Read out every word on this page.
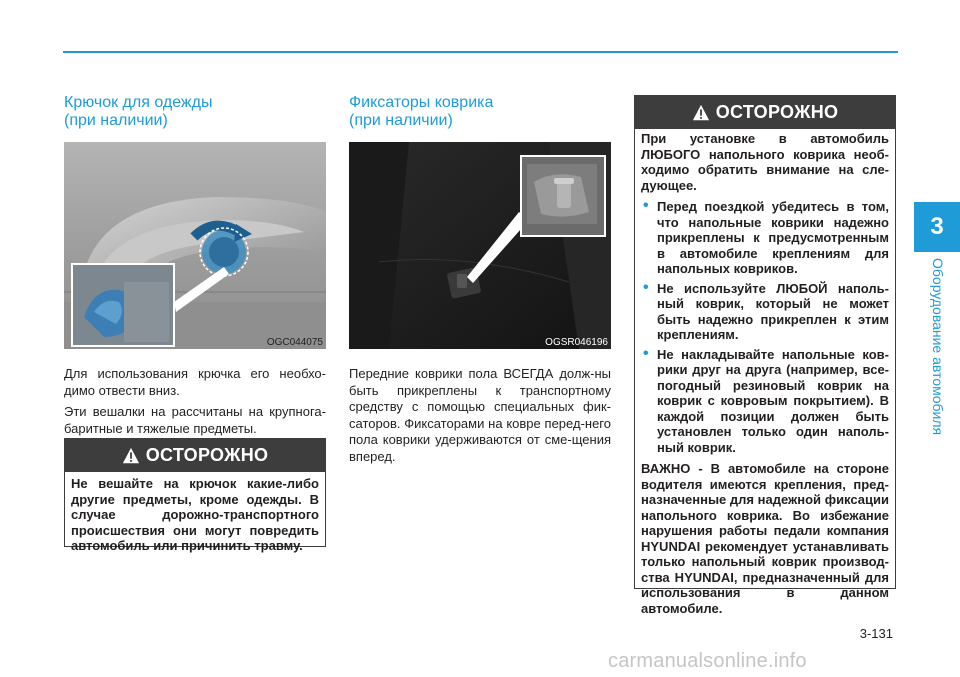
3
Оборудование автомобиля
Крючок для одежды
(при наличии)
OGC044075

Для использования крючка его необхо-димо отвести вниз.

Эти вешалки на рассчитаны на крупнога-баритные и тяжелые предметы.

ОСТОРОЖНО

Не вешайте на крючок какие-либо другие предметы, кроме одежды. В случае дорожно-транспортного происшествия они могут повредить автомобиль или причинить травму.

Фиксаторы коврика
(при наличии)
OGSR046196

Передние коврики пола ВСЕГДА долж-ны быть прикреплены к транспортному средству с помощью специальных фик-саторов. Фиксаторами на ковре перед-него пола коврики удерживаются от сме-щения вперед.

ОСТОРОЖНО

При установке в автомобиль ЛЮБОГО напольного коврика необ-ходимо обратить внимание на сле-дующее.

• Перед поездкой убедитесь в том, что напольные коврики надежно прикреплены к предусмотренным в автомобиле креплениям для напольных ковриков.
• Не используйте ЛЮБОЙ наполь-ный коврик, который не может быть надежно прикреплен к этим креплениям.
• Не накладывайте напольные ков-рики друг на друга (например, все-погодный резиновый коврик на коврик с ковровым покрытием). В каждой позиции должен быть установлен только один наполь-ный коврик.

ВАЖНО - В автомобиле на стороне водителя имеются крепления, пред-назначенные для надежной фиксации напольного коврика. Во избежание нарушения работы педали компания HYUNDAI рекомендует устанавливать только напольный коврик производ-ства HYUNDAI, предназначенный для использования в данном автомобиле.

3-131
carmanualsonline.info
